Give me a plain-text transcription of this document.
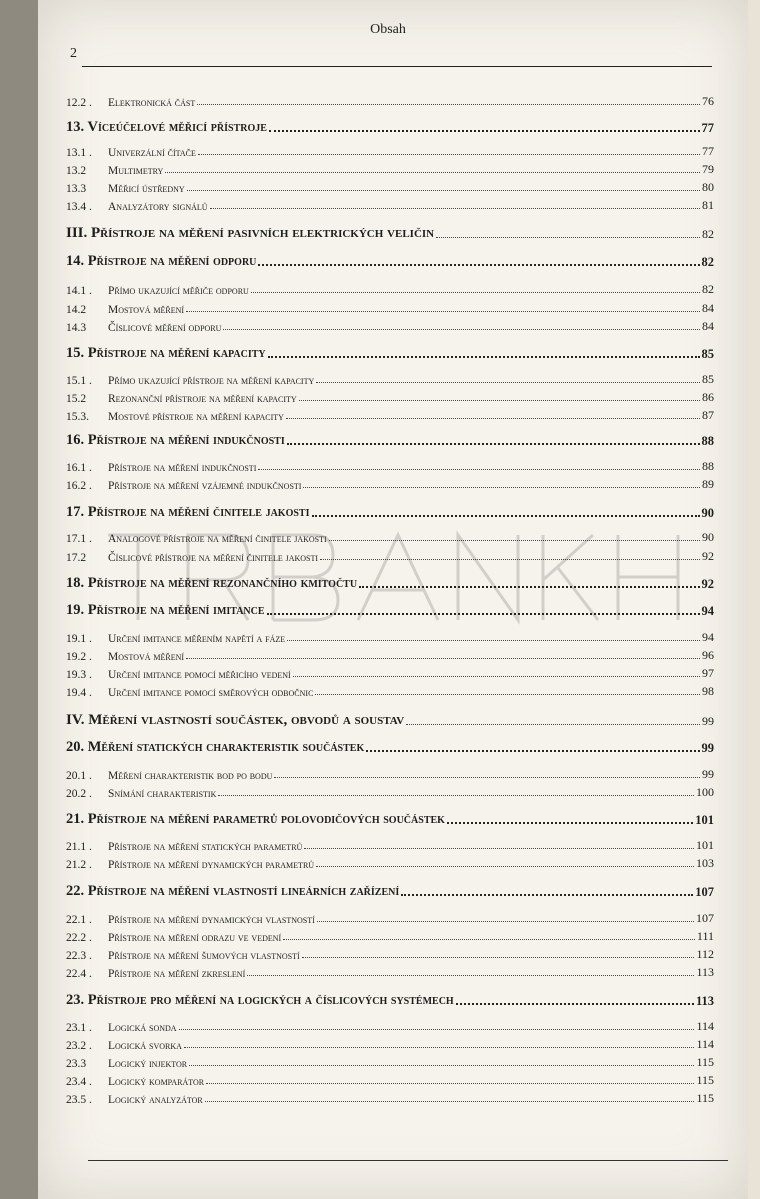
Obsah
2
12.2 . Elektronická část	76
13. Víceúčelové měřicí přístroje	77
13.1 . Univerzální čítače	77
13.2 Multimetry	79
13.3 Měřicí ústředny	80
13.4 . Analyzátory signálů	81
III. Přístroje na měření pasivních elektrických veličin	82
14. Přístroje na měření odporu	82
14.1 . Přímo ukazující měřiče odporu	82
14.2 Mostová měření	84
14.3 Číslicové měření odporu	84
15. Přístroje na měření kapacity	85
15.1 . Přímo ukazující přístroje na měření kapacity	85
15.2 Rezonanční přístroje na měření kapacity	86
15.3. Mostové přístroje na měření kapacity	87
16. Přístroje na měření indukčnosti	88
16.1 . Přístroje na měření indukčnosti	88
16.2 . Přístroje na měření vzájemné indukčnosti	89
17. Přístroje na měření činitele jakosti	90
17.1 . Analogové přístroje na měření činitele jakosti	90
17.2 Číslicové přístroje na měření činitele jakosti	92
18. Přístroje na měření rezonančního kmitočtu	92
19. Přístroje na měření imitance	94
19.1 . Určení imitance měřením napětí a fáze	94
19.2 . Mostová měření	96
19.3 . Určení imitance pomocí měřicího vedení	97
19.4 . Určení imitance pomocí směrových odbočnic	98
IV. Měření vlastností součástek, obvodů a soustav	99
20. Měření statických charakteristik součástek	99
20.1 . Měření charakteristik bod po bodu	99
20.2 . Snímání charakteristik	100
21. Přístroje na měření parametrů polovodičových součástek	101
21.1 . Přístroje na měření statických parametrů	101
21.2 . Přístroje na měření dynamických parametrů	103
22. Přístroje na měření vlastností lineárních zařízení	107
22.1 . Přístroje na měření dynamických vlastností	107
22.2 . Přístroje na měření odrazu ve vedení	111
22.3 . Přístroje na měření šumových vlastností	112
22.4 . Přístroje na měření zkreslení	113
23. Přístroje pro měření na logických a číslicových systémech	113
23.1 . Logická sonda	114
23.2 . Logická svorka	114
23.3 Logický injektor	115
23.4 . Logický komparátor	115
23.5 . Logický analyzátor	115
